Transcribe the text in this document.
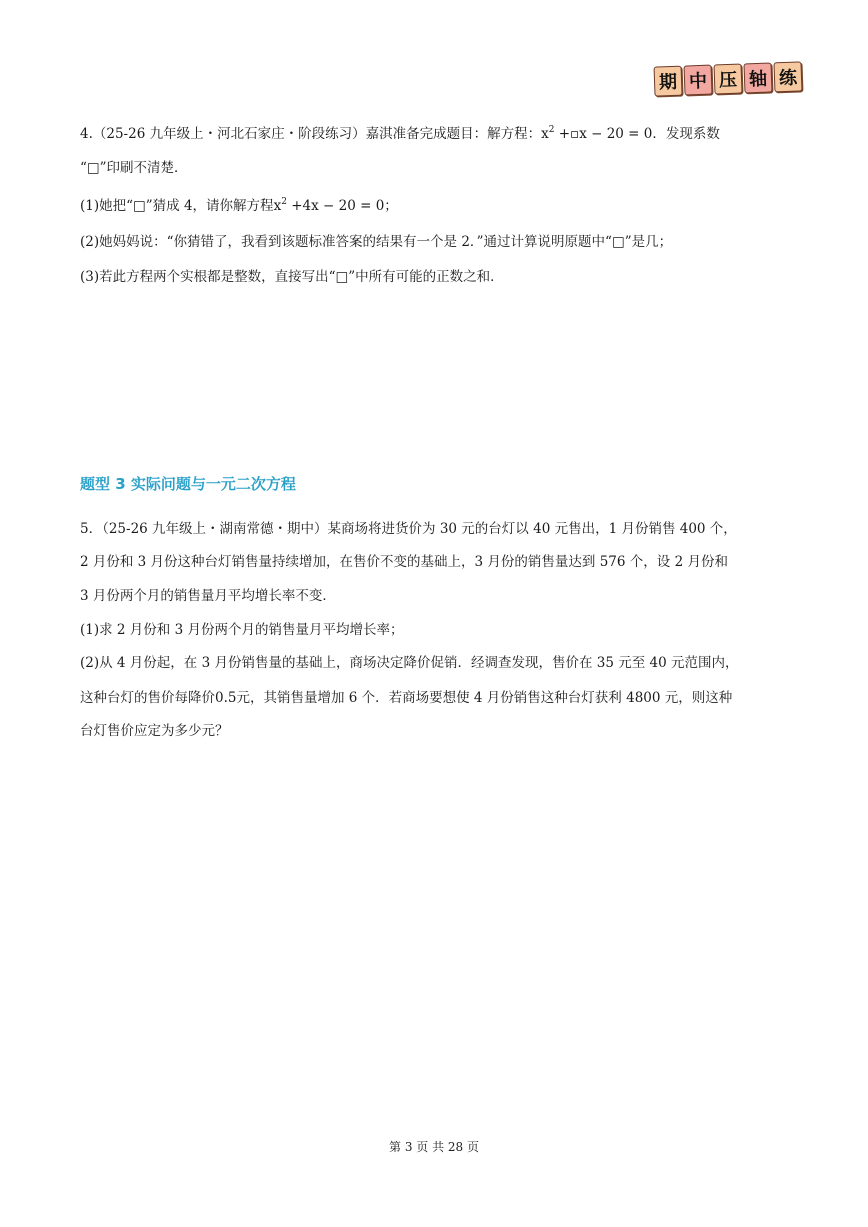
期 中 压 轴 练
4.（25-26 九年级上・河北石家庄・阶段练习）嘉淇准备完成题目：解方程：$x^2$ +▫x − 20 = 0．发现系数
“□”印刷不清楚．
(1)她把“□”猜成 4，请你解方程$x^2 +4x - 20 = 0$；
(2)她妈妈说：“你猜错了，我看到该题标准答案的结果有一个是 2．”通过计算说明原题中“□”是几；
(3)若此方程两个实根都是整数，直接写出“□”中所有可能的正数之和．
题型 3 实际问题与一元二次方程
5．（25-26 九年级上・湖南常德・期中）某商场将进货价为 30 元的台灯以 40 元售出，1 月份销售 400 个，
2 月份和 3 月份这种台灯销售量持续增加，在售价不变的基础上，3 月份的销售量达到 576 个，设 2 月份和
3 月份两个月的销售量月平均增长率不变．
(1)求 2 月份和 3 月份两个月的销售量月平均增长率；
(2)从 4 月份起，在 3 月份销售量的基础上，商场决定降价促销．经调查发现，售价在 35 元至 40 元范围内，
这种台灯的售价每降价0.5元，其销售量增加 6 个．若商场要想使 4 月份销售这种台灯获利 4800 元，则这种
台灯售价应定为多少元？
第 3 页 共 28 页
